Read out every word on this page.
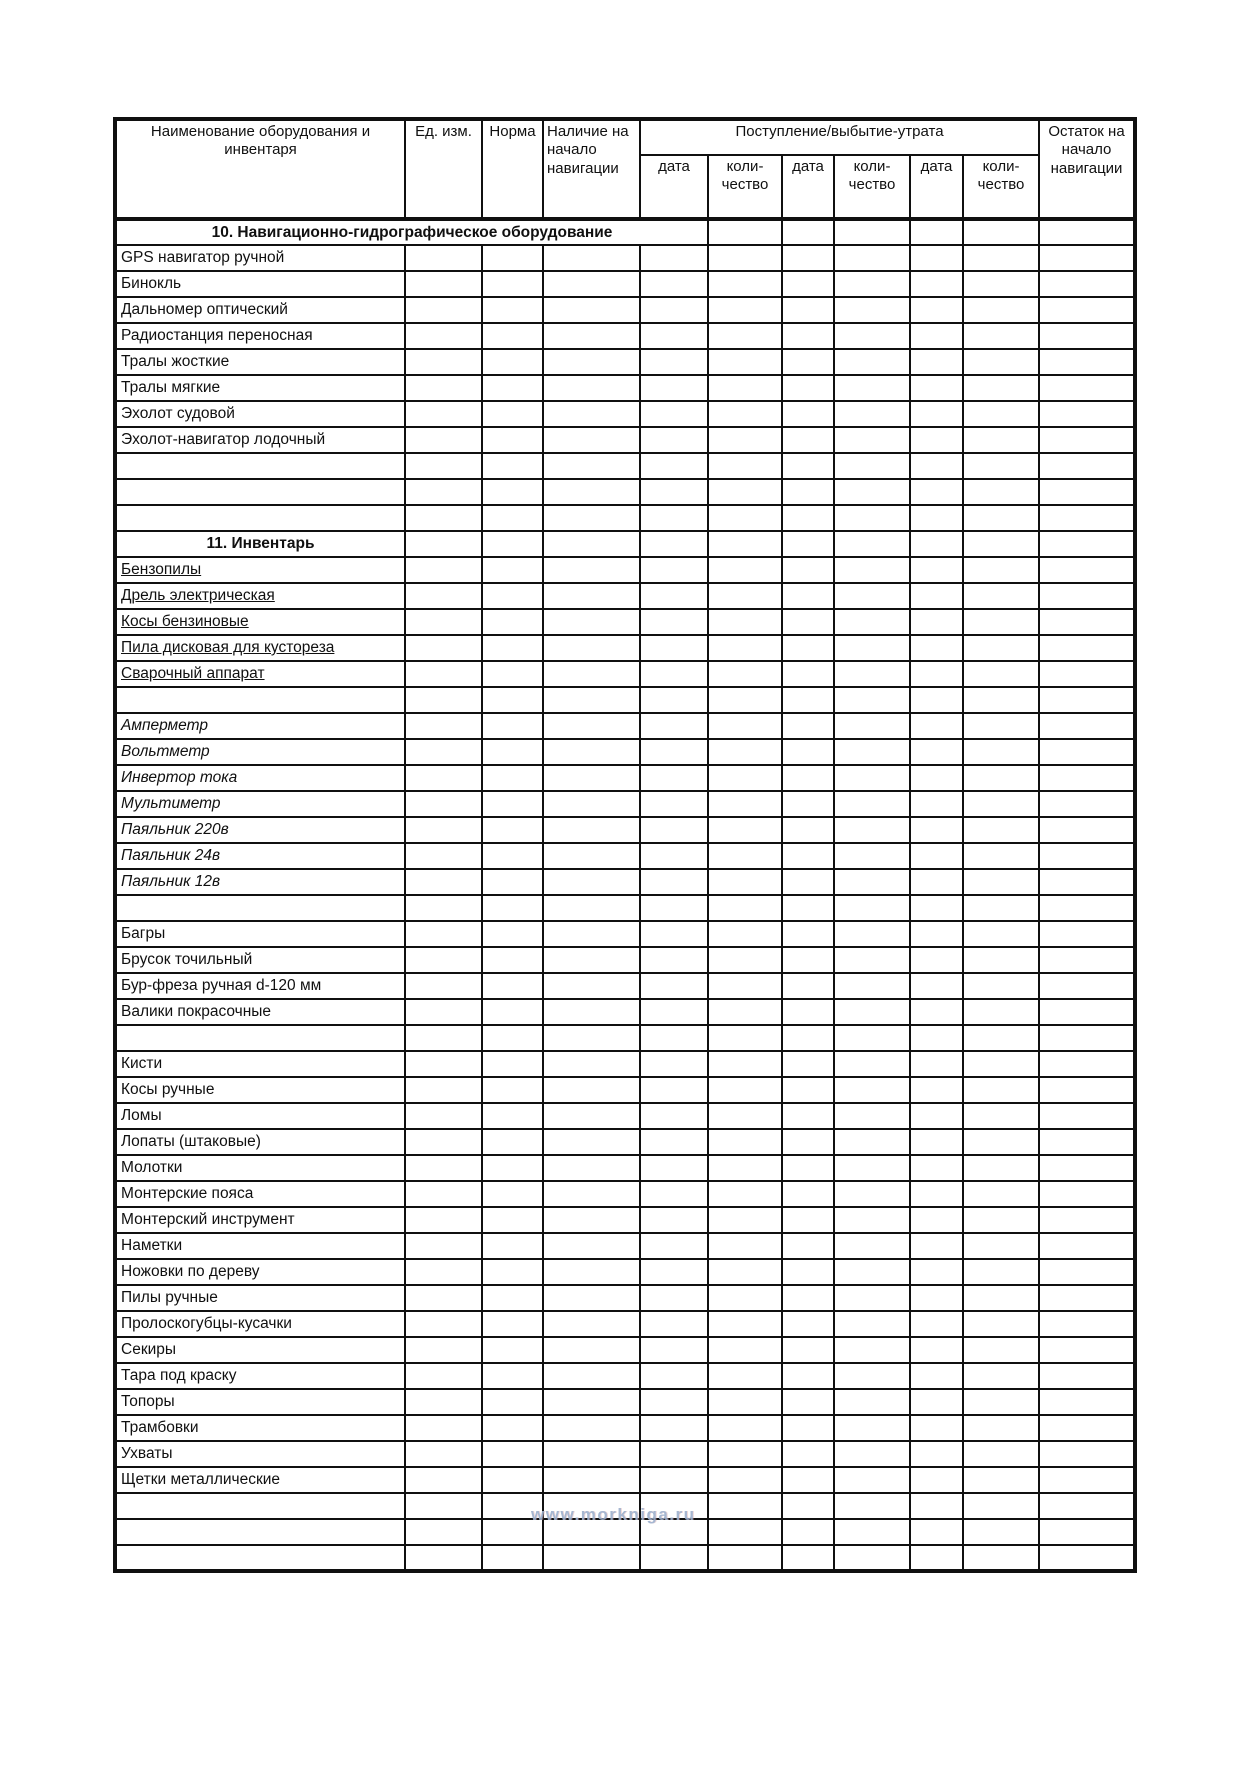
Наименование оборудования и инвентаря	Ед. изм.	Норма	Наличие на начало навигации	Поступление/выбытие-утрата						Остаток на начало навигации
				дата	коли-чество	дата	коли-чество	дата	коли-чество	
10. Навигационно-гидрографическое оборудование										
GPS навигатор ручной										
Бинокль										
Дальномер оптический										
Радиостанция переносная										
Тралы жосткие										
Тралы мягкие										
Эхолот судовой										
Эхолот-навигатор лодочный										

11. Инвентарь										
Бензопилы										
Дрель электрическая										
Косы бензиновые										
Пила дисковая для кустореза										
Сварочный аппарат										

Амперметр										
Вольтметр										
Инвертор тока										
Мультиметр										
Паяльник 220в										
Паяльник 24в										
Паяльник 12в										

Багры										
Брусок точильный										
Бур-фреза ручная d-120 мм										
Валики покрасочные										

Кисти										
Косы ручные										
Ломы										
Лопаты (штаковые)										
Молотки										
Монтерские пояса										
Монтерский инструмент										
Наметки										
Ножовки по дереву										
Пилы ручные										
Пролоскогубцы-кусачки										
Секиры										
Тара под краску										
Топоры										
Трамбовки										
Ухваты										
Щетки металлические										

www.morkniga.ru
